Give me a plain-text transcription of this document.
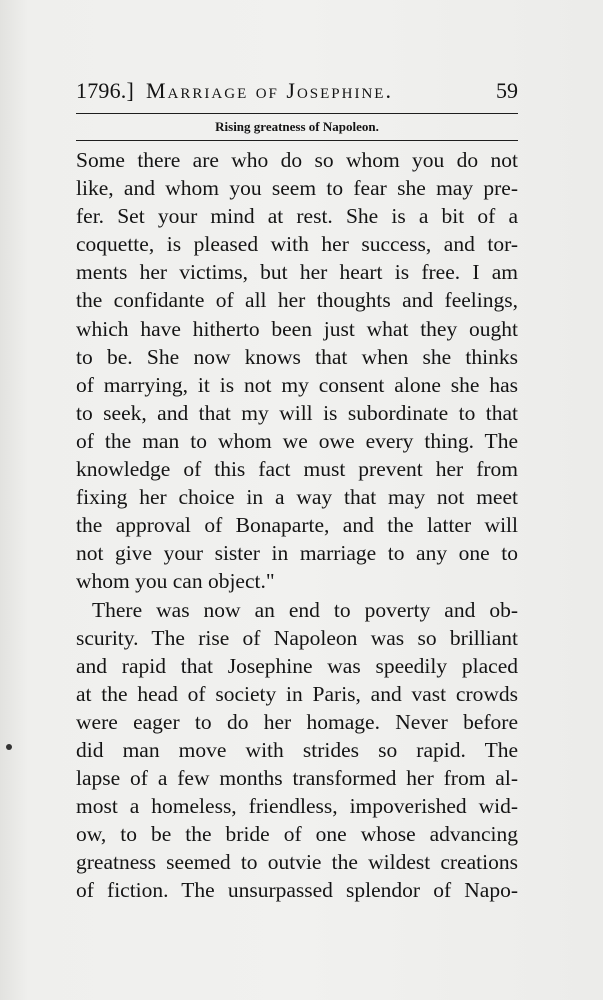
1796.] Marriage of Josephine.	59
Rising greatness of Napoleon.
Some there are who do so whom you do not
like, and whom you seem to fear she may pre-
fer. Set your mind at rest. She is a bit of a
coquette, is pleased with her success, and tor-
ments her victims, but her heart is free. I am
the confidante of all her thoughts and feelings,
which have hitherto been just what they ought
to be. She now knows that when she thinks
of marrying, it is not my consent alone she has
to seek, and that my will is subordinate to that
of the man to whom we owe every thing. The
knowledge of this fact must prevent her from
fixing her choice in a way that may not meet
the approval of Bonaparte, and the latter will
not give your sister in marriage to any one to
whom you can object."
There was now an end to poverty and ob-
scurity. The rise of Napoleon was so brilliant
and rapid that Josephine was speedily placed
at the head of society in Paris, and vast crowds
were eager to do her homage. Never before
did man move with strides so rapid. The
lapse of a few months transformed her from al-
most a homeless, friendless, impoverished wid-
ow, to be the bride of one whose advancing
greatness seemed to outvie the wildest creations
of fiction. The unsurpassed splendor of Napo-
